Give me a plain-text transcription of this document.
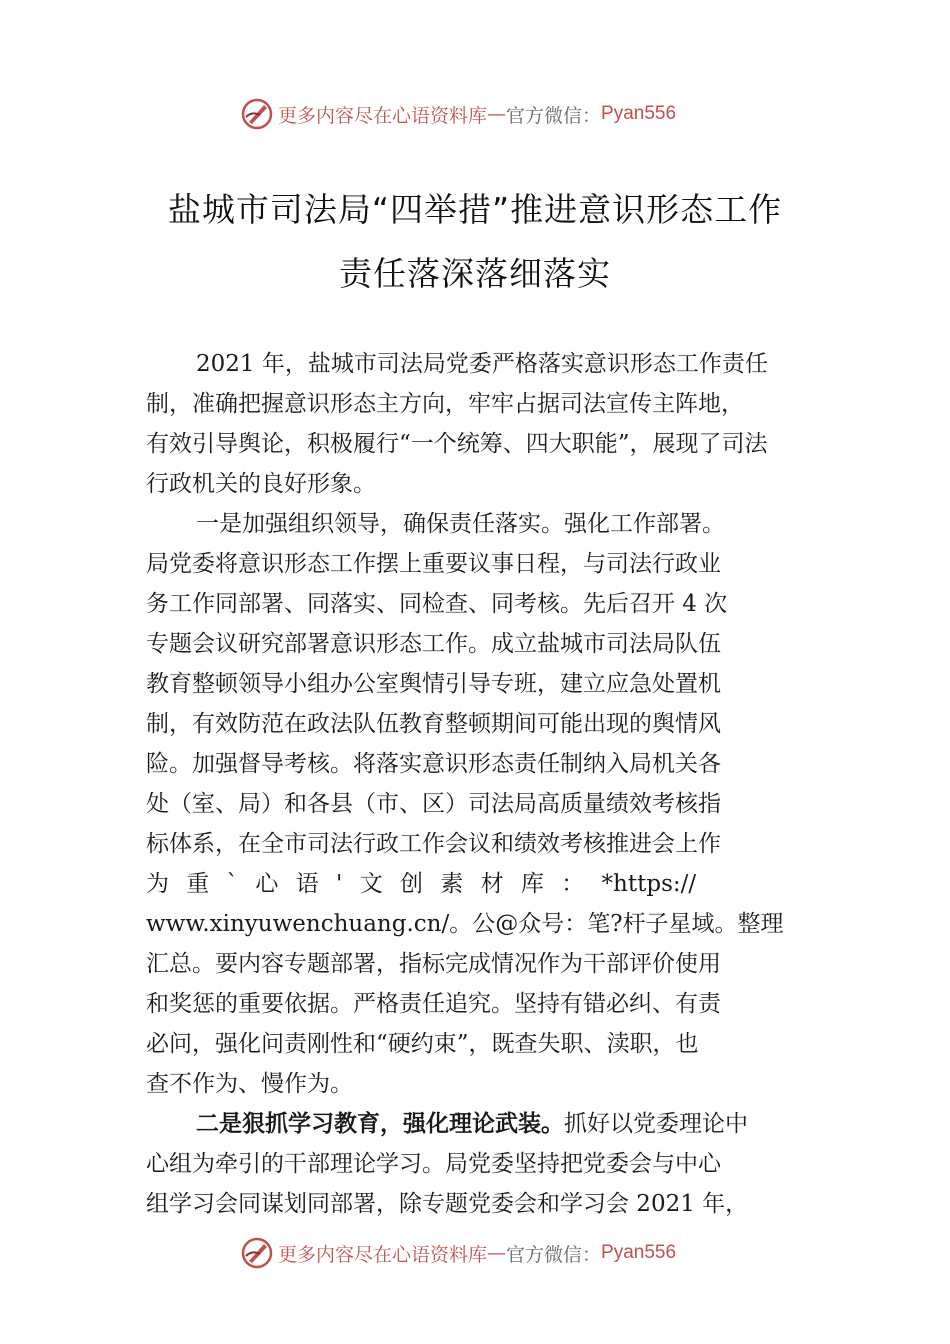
更多内容尽在心语资料库 — 官方微信： Pyan556
盐城市司法局“四举措”推进意识形态工作
责任落深落细落实
2021 年，盐城市司法局党委严格落实意识形态工作责任
制，准确把握意识形态主方向，牢牢占据司法宣传主阵地，
有效引导舆论，积极履行“一个统筹、四大职能”，展现了司法
行政机关的良好形象。
一是加强组织领导，确保责任落实。强化工作部署。
局党委将意识形态工作摆上重要议事日程，与司法行政业
务工作同部署、同落实、同检查、同考核。先后召开 4 次
专题会议研究部署意识形态工作。成立盐城市司法局队伍
教育整顿领导小组办公室舆情引导专班，建立应急处置机
制，有效防范在政法队伍教育整顿期间可能出现的舆情风
险。加强督导考核。将落实意识形态责任制纳入局机关各
处（室、局）和各县（市、区）司法局高质量绩效考核指
标体系，在全市司法行政工作会议和绩效考核推进会上作
为 重 ` 心 语 ' 文 创 素 材 库 ： *https://
www.xinyuwenchuang.cn/。公@众号：笔?杆子星域。整理
汇总。要内容专题部署，指标完成情况作为干部评价使用
和奖惩的重要依据。严格责任追究。坚持有错必纠、有责
必问，强化问责刚性和“硬约束”，既查失职、渎职，也
查不作为、慢作为。
二是狠抓学习教育，强化理论武装。抓好以党委理论中
心组为牵引的干部理论学习。局党委坚持把党委会与中心
组学习会同谋划同部署，除专题党委会和学习会 2021 年，
更多内容尽在心语资料库 — 官方微信： Pyan556
